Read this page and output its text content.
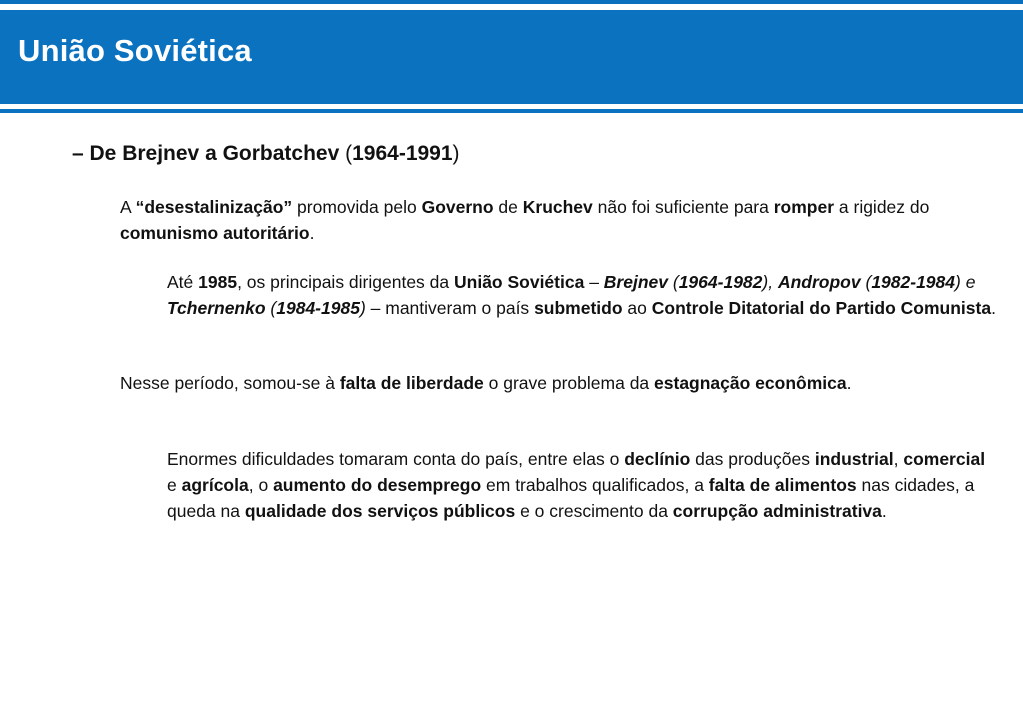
União Soviética
– De Brejnev a Gorbatchev (1964-1991)
A “desestalinização” promovida pelo Governo de Kruchev não foi suficiente para romper a rigidez do comunismo autoritário.
Até 1985, os principais dirigentes da União Soviética – Brejnev (1964-1982), Andropov (1982-1984) e Tchernenko (1984-1985) – mantiveram o país submetido ao Controle Ditatorial do Partido Comunista.
Nesse período, somou-se à falta de liberdade o grave problema da estagnação econômica.
Enormes dificuldades tomaram conta do país, entre elas o declínio das produções industrial, comercial e agrícola, o aumento do desemprego em trabalhos qualificados, a falta de alimentos nas cidades, a queda na qualidade dos serviços públicos e o crescimento da corrupção administrativa.
